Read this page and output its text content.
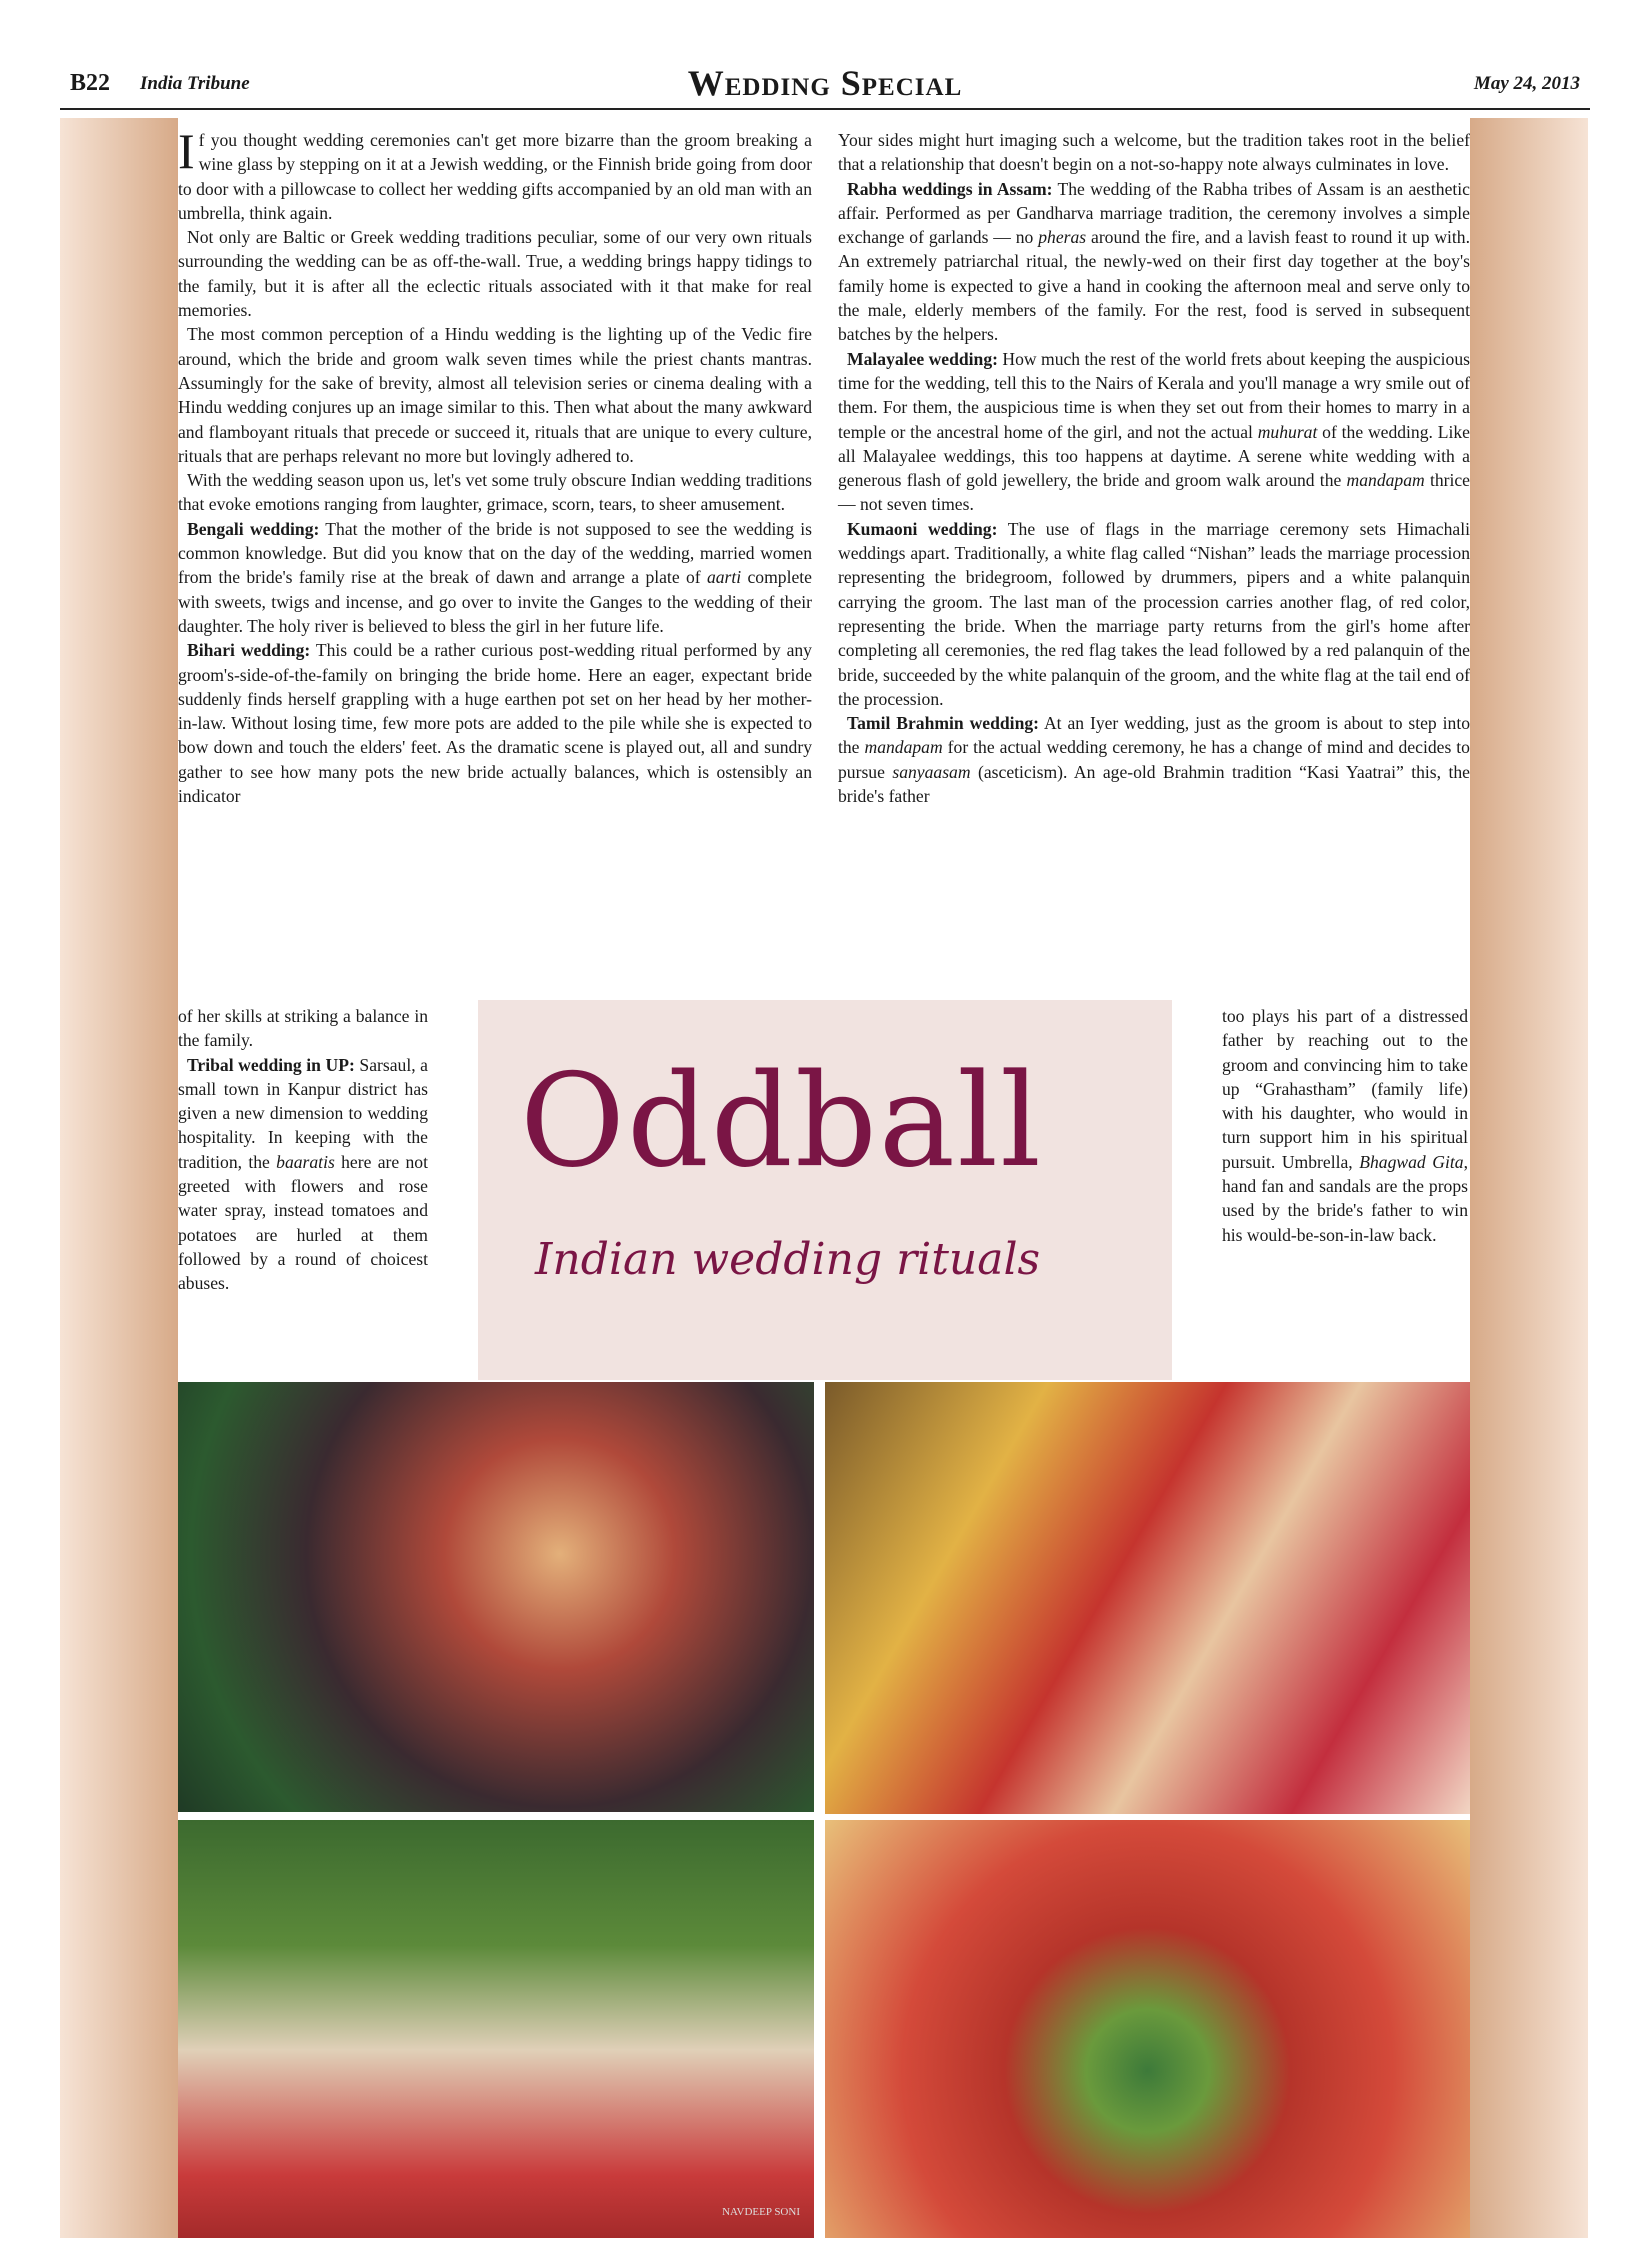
B22 India Tribune	Wedding Special	May 24, 2013

If you thought wedding ceremonies can't get more bizarre than the groom breaking a wine glass by stepping on it at a Jewish wedding, or the Finnish bride going from door to door with a pillowcase to collect her wedding gifts accompanied by an old man with an umbrella, think again.

Not only are Baltic or Greek wedding traditions peculiar, some of our very own rituals surrounding the wedding can be as off-the-wall. True, a wedding brings happy tidings to the family, but it is after all the eclectic rituals associated with it that make for real memories.

The most common perception of a Hindu wedding is the lighting up of the Vedic fire around, which the bride and groom walk seven times while the priest chants mantras. Assumingly for the sake of brevity, almost all television series or cinema dealing with a Hindu wedding conjures up an image similar to this. Then what about the many awkward and flamboyant rituals that precede or succeed it, rituals that are unique to every culture, rituals that are perhaps relevant no more but lovingly adhered to.

With the wedding season upon us, let's vet some truly obscure Indian wedding traditions that evoke emotions ranging from laughter, grimace, scorn, tears, to sheer amusement.

Bengali wedding: That the mother of the bride is not supposed to see the wedding is common knowledge. But did you know that on the day of the wedding, married women from the bride's family rise at the break of dawn and arrange a plate of aarti complete with sweets, twigs and incense, and go over to invite the Ganges to the wedding of their daughter. The holy river is believed to bless the girl in her future life.

Bihari wedding: This could be a rather curious post-wedding ritual performed by any groom's-side-of-the-family on bringing the bride home. Here an eager, expectant bride suddenly finds herself grappling with a huge earthen pot set on her head by her mother-in-law. Without losing time, few more pots are added to the pile while she is expected to bow down and touch the elders' feet. As the dramatic scene is played out, all and sundry gather to see how many pots the new bride actually balances, which is ostensibly an indicator

of her skills at striking a balance in the family.

Tribal wedding in UP: Sarsaul, a small town in Kanpur district has given a new dimension to wedding hospitality. In keeping with the tradition, the baaratis here are not greeted with flowers and rose water spray, instead tomatoes and potatoes are hurled at them followed by a round of choicest abuses.

Your sides might hurt imaging such a welcome, but the tradition takes root in the belief that a relationship that doesn't begin on a not-so-happy note always culminates in love.

Rabha weddings in Assam: The wedding of the Rabha tribes of Assam is an aesthetic affair. Performed as per Gandharva marriage tradition, the ceremony involves a simple exchange of garlands — no pheras around the fire, and a lavish feast to round it up with. An extremely patriarchal ritual, the newly-wed on their first day together at the boy's family home is expected to give a hand in cooking the afternoon meal and serve only to the male, elderly members of the family. For the rest, food is served in subsequent batches by the helpers.

Malayalee wedding: How much the rest of the world frets about keeping the auspicious time for the wedding, tell this to the Nairs of Kerala and you'll manage a wry smile out of them. For them, the auspicious time is when they set out from their homes to marry in a temple or the ancestral home of the girl, and not the actual muhurat of the wedding. Like all Malayalee weddings, this too happens at daytime. A serene white wedding with a generous flash of gold jewellery, the bride and groom walk around the mandapam thrice — not seven times.

Kumaoni wedding: The use of flags in the marriage ceremony sets Himachali weddings apart. Traditionally, a white flag called “Nishan” leads the marriage procession representing the bridegroom, followed by drummers, pipers and a white palanquin carrying the groom. The last man of the procession carries another flag, of red color, representing the bride. When the marriage party returns from the girl's home after completing all ceremonies, the red flag takes the lead followed by a red palanquin of the bride, succeeded by the white palanquin of the groom, and the white flag at the tail end of the procession.

Tamil Brahmin wedding: At an Iyer wedding, just as the groom is about to step into the mandapam for the actual wedding ceremony, he has a change of mind and decides to pursue sanyaasam (asceticism). An age-old Brahmin tradition “Kasi Yaatrai” this, the bride's father

too plays his part of a distressed father by reaching out to the groom and convincing him to take up “Grahastham” (family life) with his daughter, who would in turn support him in his spiritual pursuit. Umbrella, Bhagwad Gita, hand fan and sandals are the props used by the bride's father to win his would-be-son-in-law back.

Oddball
Indian wedding rituals
NAVDEEP SONI
